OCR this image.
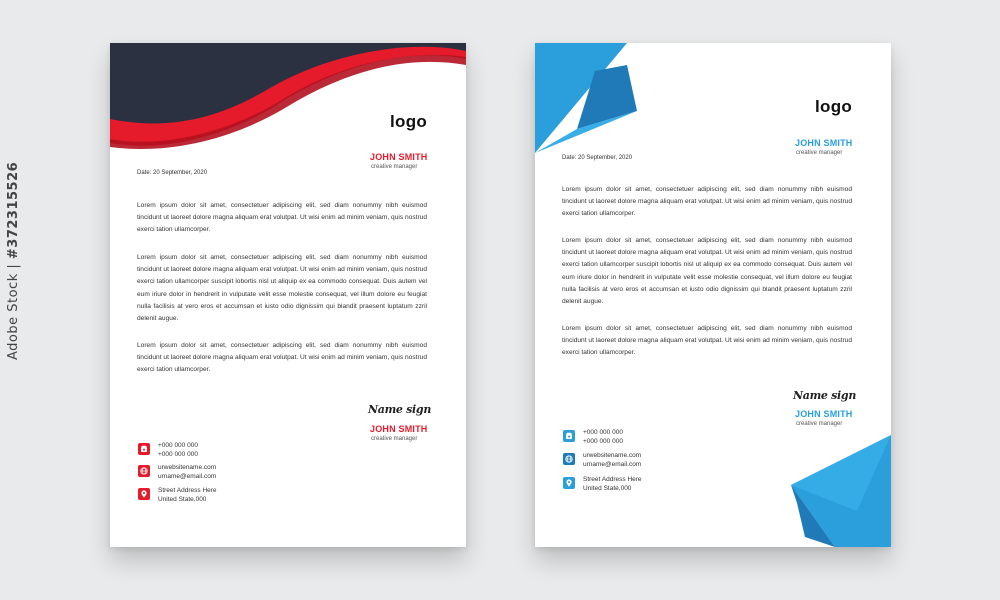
Adobe Stock | #372315526
logo
JOHN SMITH
creative manager
Date: 20 September, 2020
Lorem ipsum dolor sit amet, consectetuer adipiscing elit, sed diam nonummy nibh euismod tincidunt ut laoreet dolore magna aliquam erat volutpat. Ut wisi enim ad minim veniam, quis nostrud exerci tation ullamcorper.
Lorem ipsum dolor sit amet, consectetuer adipiscing elit, sed diam nonummy nibh euismod tincidunt ut laoreet dolore magna aliquam erat volutpat. Ut wisi enim ad minim veniam, quis nostrud exerci tation ullamcorper suscipit lobortis nisl ut aliquip ex ea commodo consequat. Duis autem vel eum iriure dolor in hendrerit in vulputate velit esse molestie consequat, vel illum dolore eu feugiat nulla facilisis at vero eros et accumsan et iusto odio dignissim qui blandit praesent luptatum zzril delenit augue.
Lorem ipsum dolor sit amet, consectetuer adipiscing elit, sed diam nonummy nibh euismod tincidunt ut laoreet dolore magna aliquam erat volutpat. Ut wisi enim ad minim veniam, quis nostrud exerci tation ullamcorper.
Name sign
JOHN SMITH
creative manager
+000 000 000
+000 000 000
urwebsitename.com
urname@email.com
Street Address Here
United State,000
logo
JOHN SMITH
creative manager
Date: 20 September, 2020
Lorem ipsum dolor sit amet, consectetuer adipiscing elit, sed diam nonummy nibh euismod tincidunt ut laoreet dolore magna aliquam erat volutpat. Ut wisi enim ad minim veniam, quis nostrud exerci tation ullamcorper.
Lorem ipsum dolor sit amet, consectetuer adipiscing elit, sed diam nonummy nibh euismod tincidunt ut laoreet dolore magna aliquam erat volutpat. Ut wisi enim ad minim veniam, quis nostrud exerci tation ullamcorper suscipit lobortis nisl ut aliquip ex ea commodo consequat. Duis autem vel eum iriure dolor in hendrerit in vulputate velit esse molestie consequat, vel illum dolore eu feugiat nulla facilisis at vero eros et accumsan et iusto odio dignissim qui blandit praesent luptatum zzril delenit augue.
Lorem ipsum dolor sit amet, consectetuer adipiscing elit, sed diam nonummy nibh euismod tincidunt ut laoreet dolore magna aliquam erat volutpat. Ut wisi enim ad minim veniam, quis nostrud exerci tation ullamcorper.
Name sign
JOHN SMITH
creative manager
+000 000 000
+000 000 000
urwebsitename.com
urname@email.com
Street Address Here
United State,000
